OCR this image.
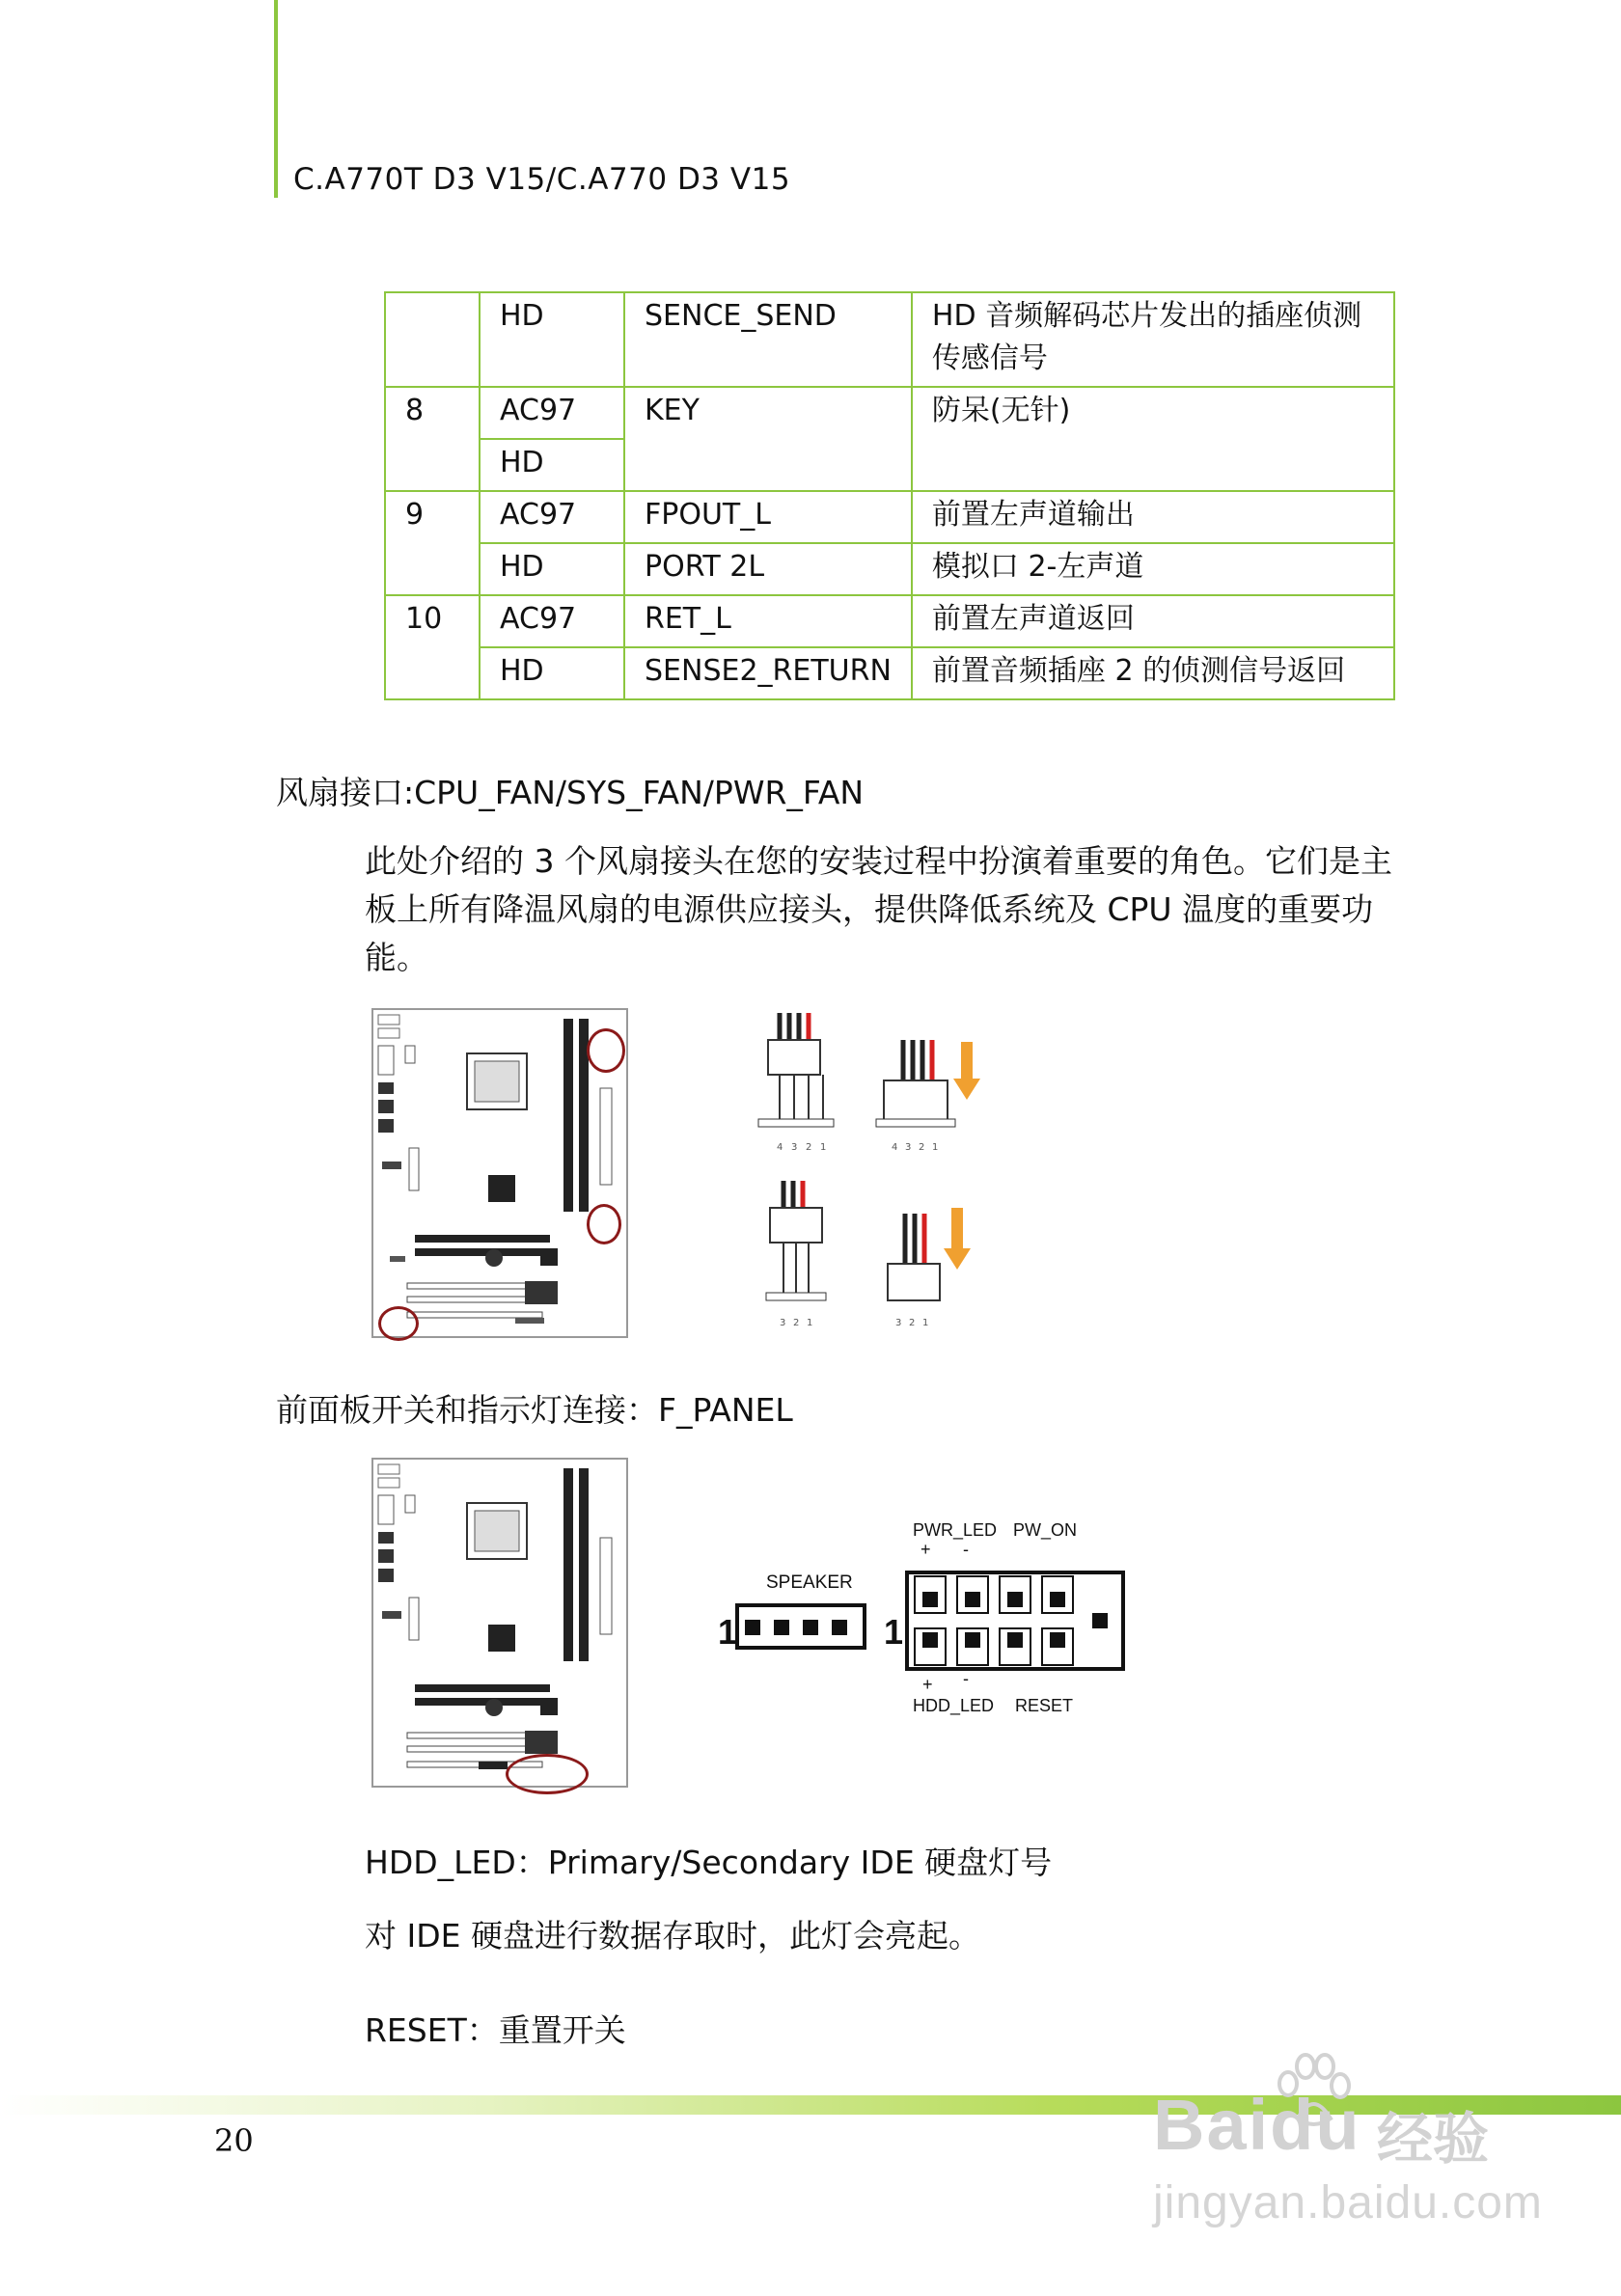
C.A770T D3 V15/C.A770 D3 V15
	HD	SENCE_SEND	HD 音频解码芯片发出的插座侦测传感信号
8	AC97	KEY	防呆(无针)
	HD		
9	AC97	FPOUT_L	前置左声道输出
	HD	PORT 2L	模拟口 2-左声道
10	AC97	RET_L	前置左声道返回
	HD	SENSE2_RETURN	前置音频插座 2 的侦测信号返回
风扇接口:CPU_FAN/SYS_FAN/PWR_FAN
此处介绍的 3 个风扇接头在您的安装过程中扮演着重要的角色。它们是主
板上所有降温风扇的电源供应接头，提供降低系统及 CPU 温度的重要功
能。
4 3 2 1	4 3 2 1
3 2 1	3 2 1
前面板开关和指示灯连接：F_PANEL
SPEAKER
1
PWR_LED PW_ON
+ -
1
+ -
HDD_LED RESET
HDD_LED：Primary/Secondary IDE 硬盘灯号
对 IDE 硬盘进行数据存取时，此灯会亮起。
RESET：重置开关
20	Baidu 经验
jingyan.baidu.com
